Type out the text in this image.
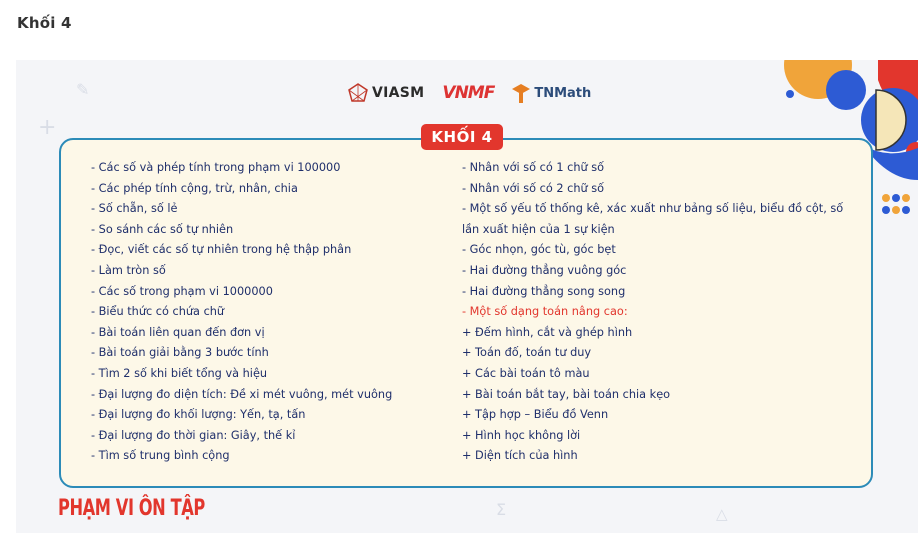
Khối 4
+
✎
Σ	△
VIASM VNMF	TNMath
KHỐI 4
- Các số và phép tính trong phạm vi 100000
- Các phép tính cộng, trừ, nhân, chia
- Số chẵn, số lẻ
- So sánh các số tự nhiên
- Đọc, viết các số tự nhiên trong hệ thập phân
- Làm tròn số
- Các số trong phạm vi 1000000
- Biểu thức có chứa chữ
- Bài toán liên quan đến đơn vị
- Bài toán giải bằng 3 bước tính
- Tìm 2 số khi biết tổng và hiệu
- Đại lượng đo diện tích: Đề xi mét vuông, mét vuông
- Đại lượng đo khối lượng: Yến, tạ, tấn
- Đại lượng đo thời gian: Giây, thế kỉ
- Tìm số trung bình cộng
- Nhân với số có 1 chữ số
- Nhân với số có 2 chữ số
- Một số yếu tố thống kê, xác xuất như bảng số liệu, biểu đồ cột, số
lần xuất hiện của 1 sự kiện
- Góc nhọn, góc tù, góc bẹt
- Hai đường thẳng vuông góc
- Hai đường thẳng song song
- Một số dạng toán nâng cao:
+ Đếm hình, cắt và ghép hình
+ Toán đố, toán tư duy
+ Các bài toán tô màu
+ Bài toán bắt tay, bài toán chia kẹo
+ Tập hợp – Biểu đồ Venn
+ Hình học không lời
+ Diện tích của hình
PHẠM VI ÔN TẬP
